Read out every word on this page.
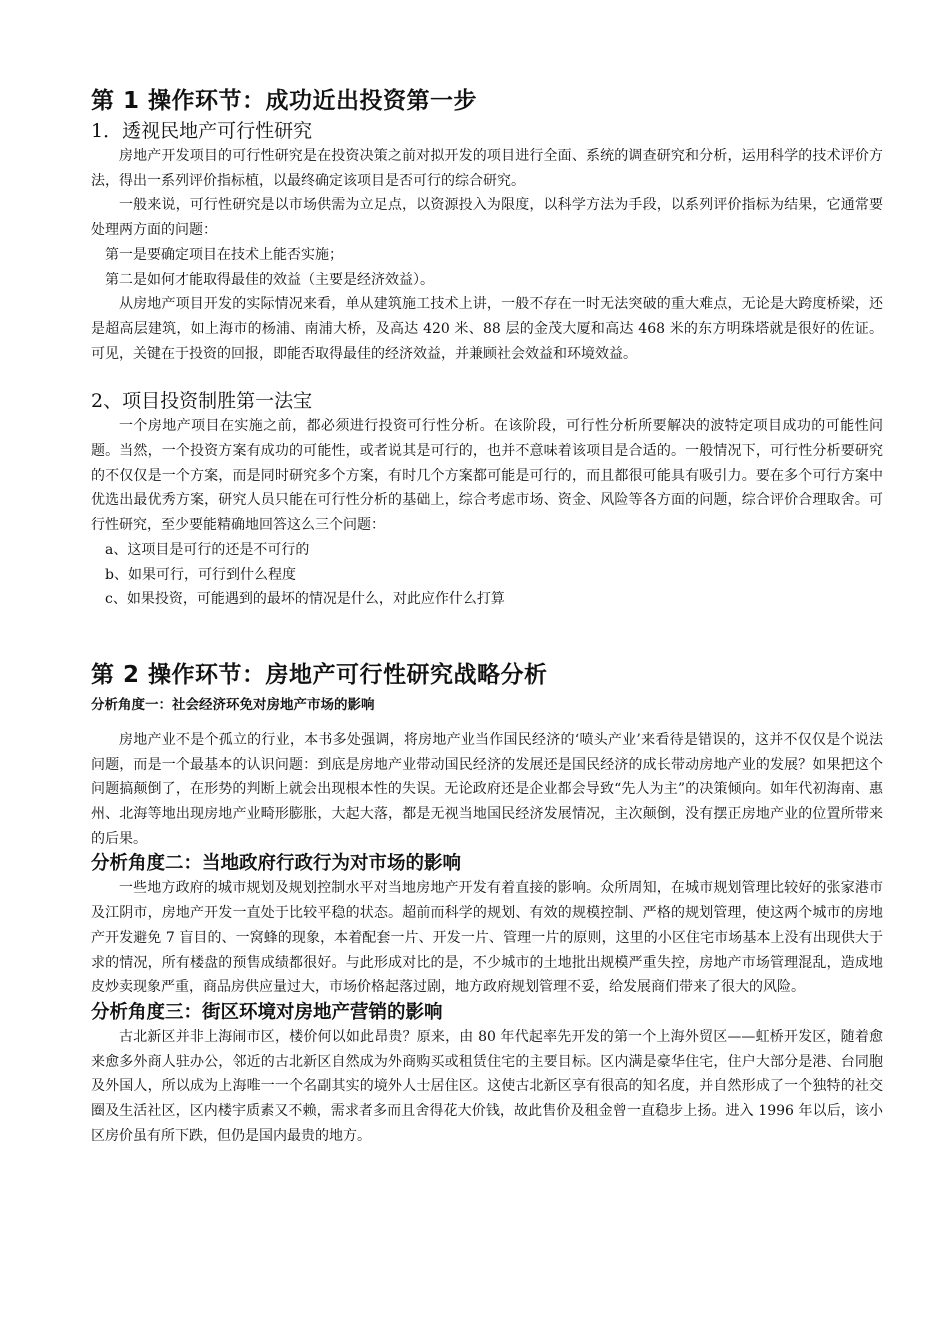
第 1 操作环节：成功近出投资第一步
1．透视民地产可行性研究

房地产开发项目的可行性研究是在投资决策之前对拟开发的项目进行全面、系统的调查研究和分析，运用科学的技术评价方法，得出一系列评价指标植，以最终确定该项目是否可行的综合研究。

一般来说，可行性研究是以市场供需为立足点，以资源投入为限度，以科学方法为手段，以系列评价指标为结果，它通常要处理两方面的问题：

第一是要确定项目在技术上能否实施；

第二是如何才能取得最佳的效益（主要是经济效益）。

从房地产项目开发的实际情况来看，单从建筑施工技术上讲，一般不存在一时无法突破的重大难点，无论是大跨度桥梁，还是超高层建筑，如上海市的杨浦、南浦大桥，及高达 420 米、88 层的金茂大厦和高达 468 米的东方明珠塔就是很好的佐证。可见，关键在于投资的回报，即能否取得最佳的经济效益，并兼顾社会效益和环境效益。

2、项目投资制胜第一法宝

一个房地产项目在实施之前，都必须进行投资可行性分析。在该阶段，可行性分析所要解决的波特定项目成功的可能性问题。当然，一个投资方案有成功的可能性，或者说其是可行的，也并不意味着该项目是合适的。一般情况下，可行性分析要研究的不仅仅是一个方案，而是同时研究多个方案，有时几个方案都可能是可行的，而且都很可能具有吸引力。要在多个可行方案中优选出最优秀方案，研究人员只能在可行性分析的基础上，综合考虑市场、资金、风险等各方面的问题，综合评价合理取舍。可行性研究，至少要能精确地回答这么三个问题：

a、这项目是可行的还是不可行的

b、如果可行，可行到什么程度

c、如果投资，可能遇到的最坏的情况是什么，对此应作什么打算

第 2 操作环节：房地产可行性研究战略分析
分析角度一：社会经济环免对房地产市场的影响

房地产业不是个孤立的行业，本书多处强调，将房地产业当作国民经济的‘喷头产业’来看待是错误的，这并不仅仅是个说法问题，而是一个最基本的认识问题：到底是房地产业带动国民经济的发展还是国民经济的成长带动房地产业的发展？如果把这个问题搞颠倒了，在形势的判断上就会出现根本性的失误。无论政府还是企业都会导致“先人为主”的决策倾向。如年代初海南、惠州、北海等地出现房地产业畸形膨胀，大起大落，都是无视当地国民经济发展情况，主次颠倒，没有摆正房地产业的位置所带来的后果。

分析角度二：当地政府行政行为对市场的影响

一些地方政府的城市规划及规划控制水平对当地房地产开发有着直接的影响。众所周知，在城市规划管理比较好的张家港市及江阴市，房地产开发一直处于比较平稳的状态。超前而科学的规划、有效的规模控制、严格的规划管理，使这两个城市的房地产开发避免 7 盲目的、一窝蜂的现象，本着配套一片、开发一片、管理一片的原则，这里的小区住宅市场基本上没有出现供大于求的情况，所有楼盘的预售成绩都很好。与此形成对比的是，不少城市的土地批出规模严重失控，房地产市场管理混乱，造成地皮炒卖现象严重，商品房供应量过大，市场价格起落过剧，地方政府规划管理不妥，给发展商们带来了很大的风险。

分析角度三：街区环境对房地产营销的影响

古北新区并非上海闹市区，楼价何以如此昂贵？原来，由 80 年代起率先开发的第一个上海外贸区——虹桥开发区，随着愈来愈多外商人驻办公，邻近的古北新区自然成为外商购买或租赁住宅的主要目标。区内满是豪华住宅，住户大部分是港、台同胞及外国人，所以成为上海唯一一个名副其实的境外人士居住区。这使古北新区享有很高的知名度，并自然形成了一个独特的社交圈及生活社区，区内楼宇质素又不赖，需求者多而且舍得花大价钱，故此售价及租金曾一直稳步上扬。进入 1996 年以后，该小区房价虽有所下跌，但仍是国内最贵的地方。
